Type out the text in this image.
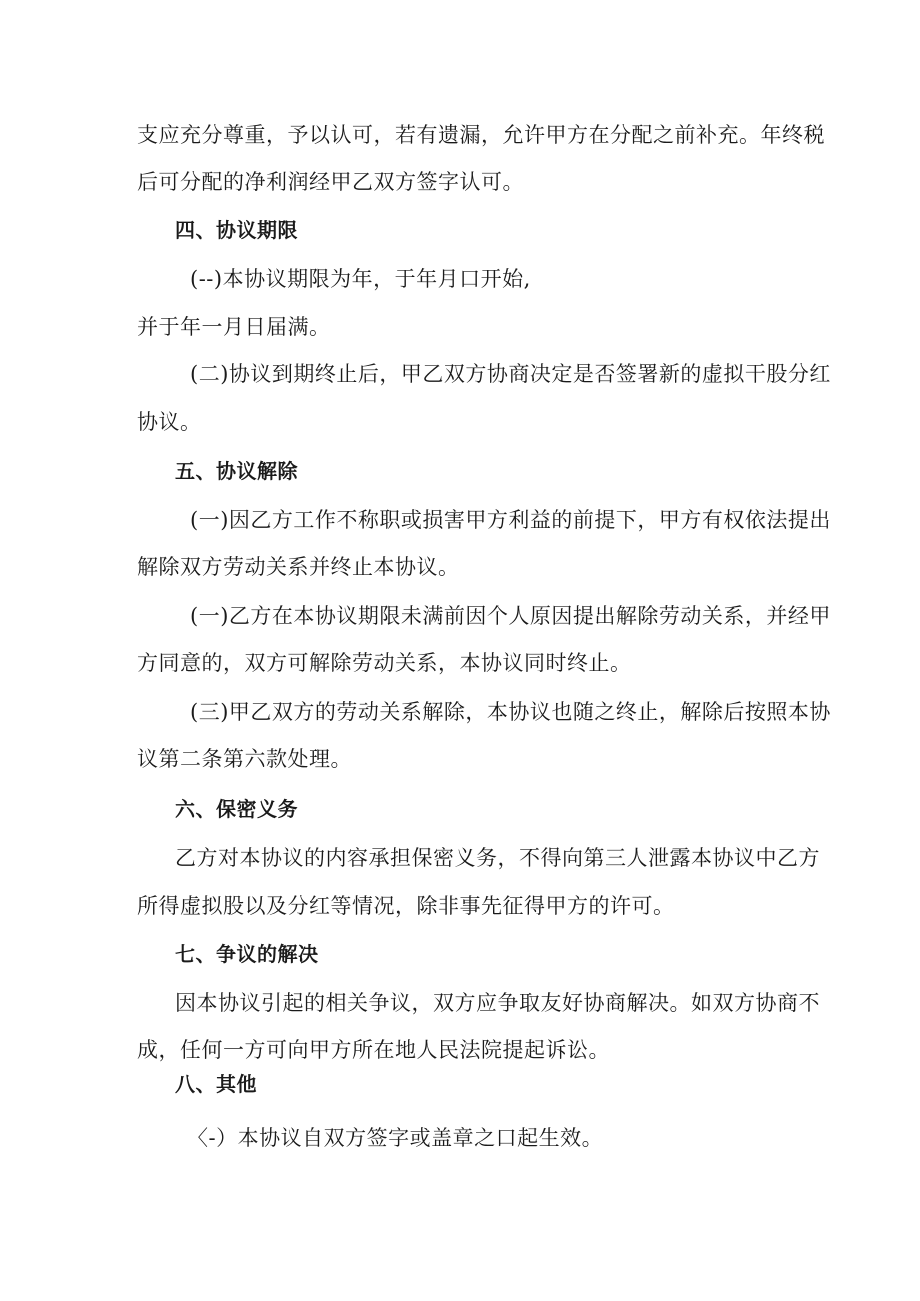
支应充分尊重，予以认可，若有遗漏，允许甲方在分配之前补充。年终税
后可分配的净利润经甲乙双方签字认可。
四、协议期限
(--)本协议期限为年，于年月口开始,
并于年一月日届满。
(二)协议到期终止后，甲乙双方协商决定是否签署新的虚拟干股分红
协议。
五、协议解除
(一)因乙方工作不称职或损害甲方利益的前提下，甲方有权依法提出
解除双方劳动关系并终止本协议。
(一)乙方在本协议期限未满前因个人原因提出解除劳动关系，并经甲
方同意的，双方可解除劳动关系，本协议同时终止。
(三)甲乙双方的劳动关系解除，本协议也随之终止，解除后按照本协
议第二条第六款处理。
六、保密义务
乙方对本协议的内容承担保密义务，不得向第三人泄露本协议中乙方
所得虚拟股以及分红等情况，除非事先征得甲方的许可。
七、争议的解决
因本协议引起的相关争议，双方应争取友好协商解决。如双方协商不
成，任何一方可向甲方所在地人民法院提起诉讼。
八、其他
〈-）本协议自双方签字或盖章之口起生效。
